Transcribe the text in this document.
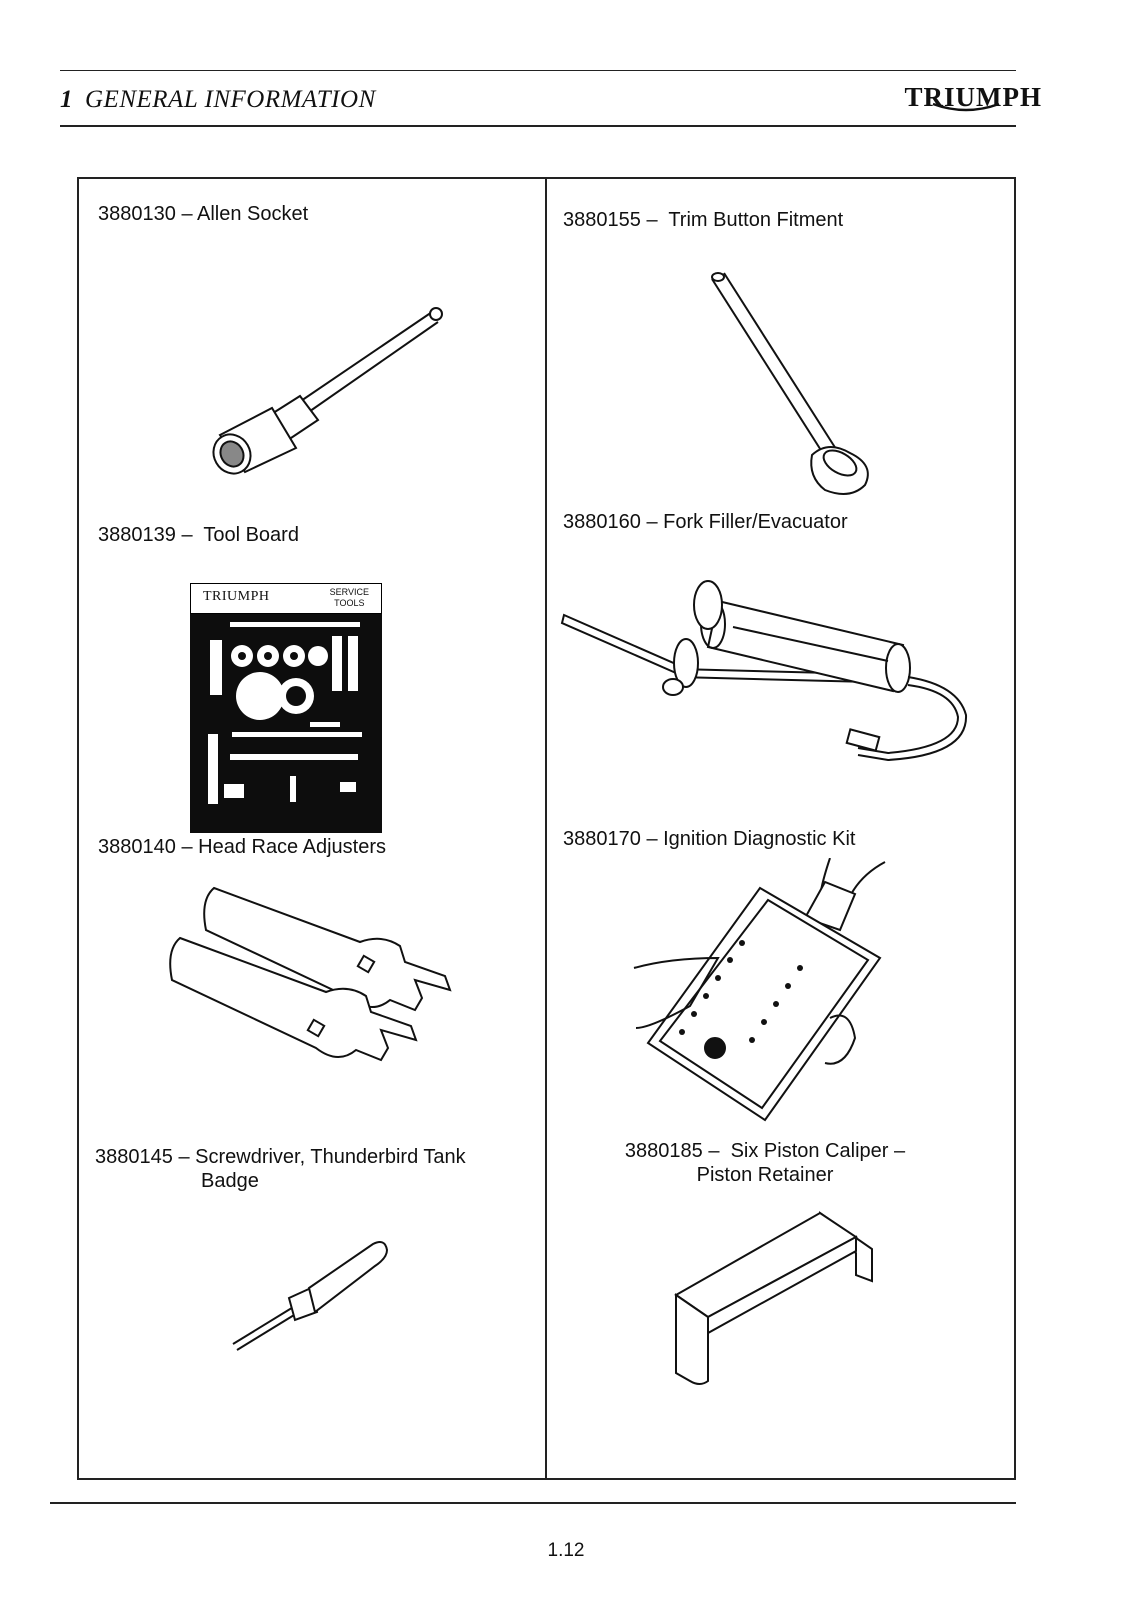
1 GENERAL INFORMATION	TRIUMPH
3880130 – Allen Socket	3880155 – Trim Button Fitment
3880139 – Tool Board
3880160 – Fork Filler/Evacuator
3880140 – Head Race Adjusters	3880170 – Ignition Diagnostic Kit
3880145 – Screwdriver, Thunderbird Tank
Badge
3880185 – Six Piston Caliper –
Piston Retainer
TRIUMPH	SERVICE
TOOLS
1.12
